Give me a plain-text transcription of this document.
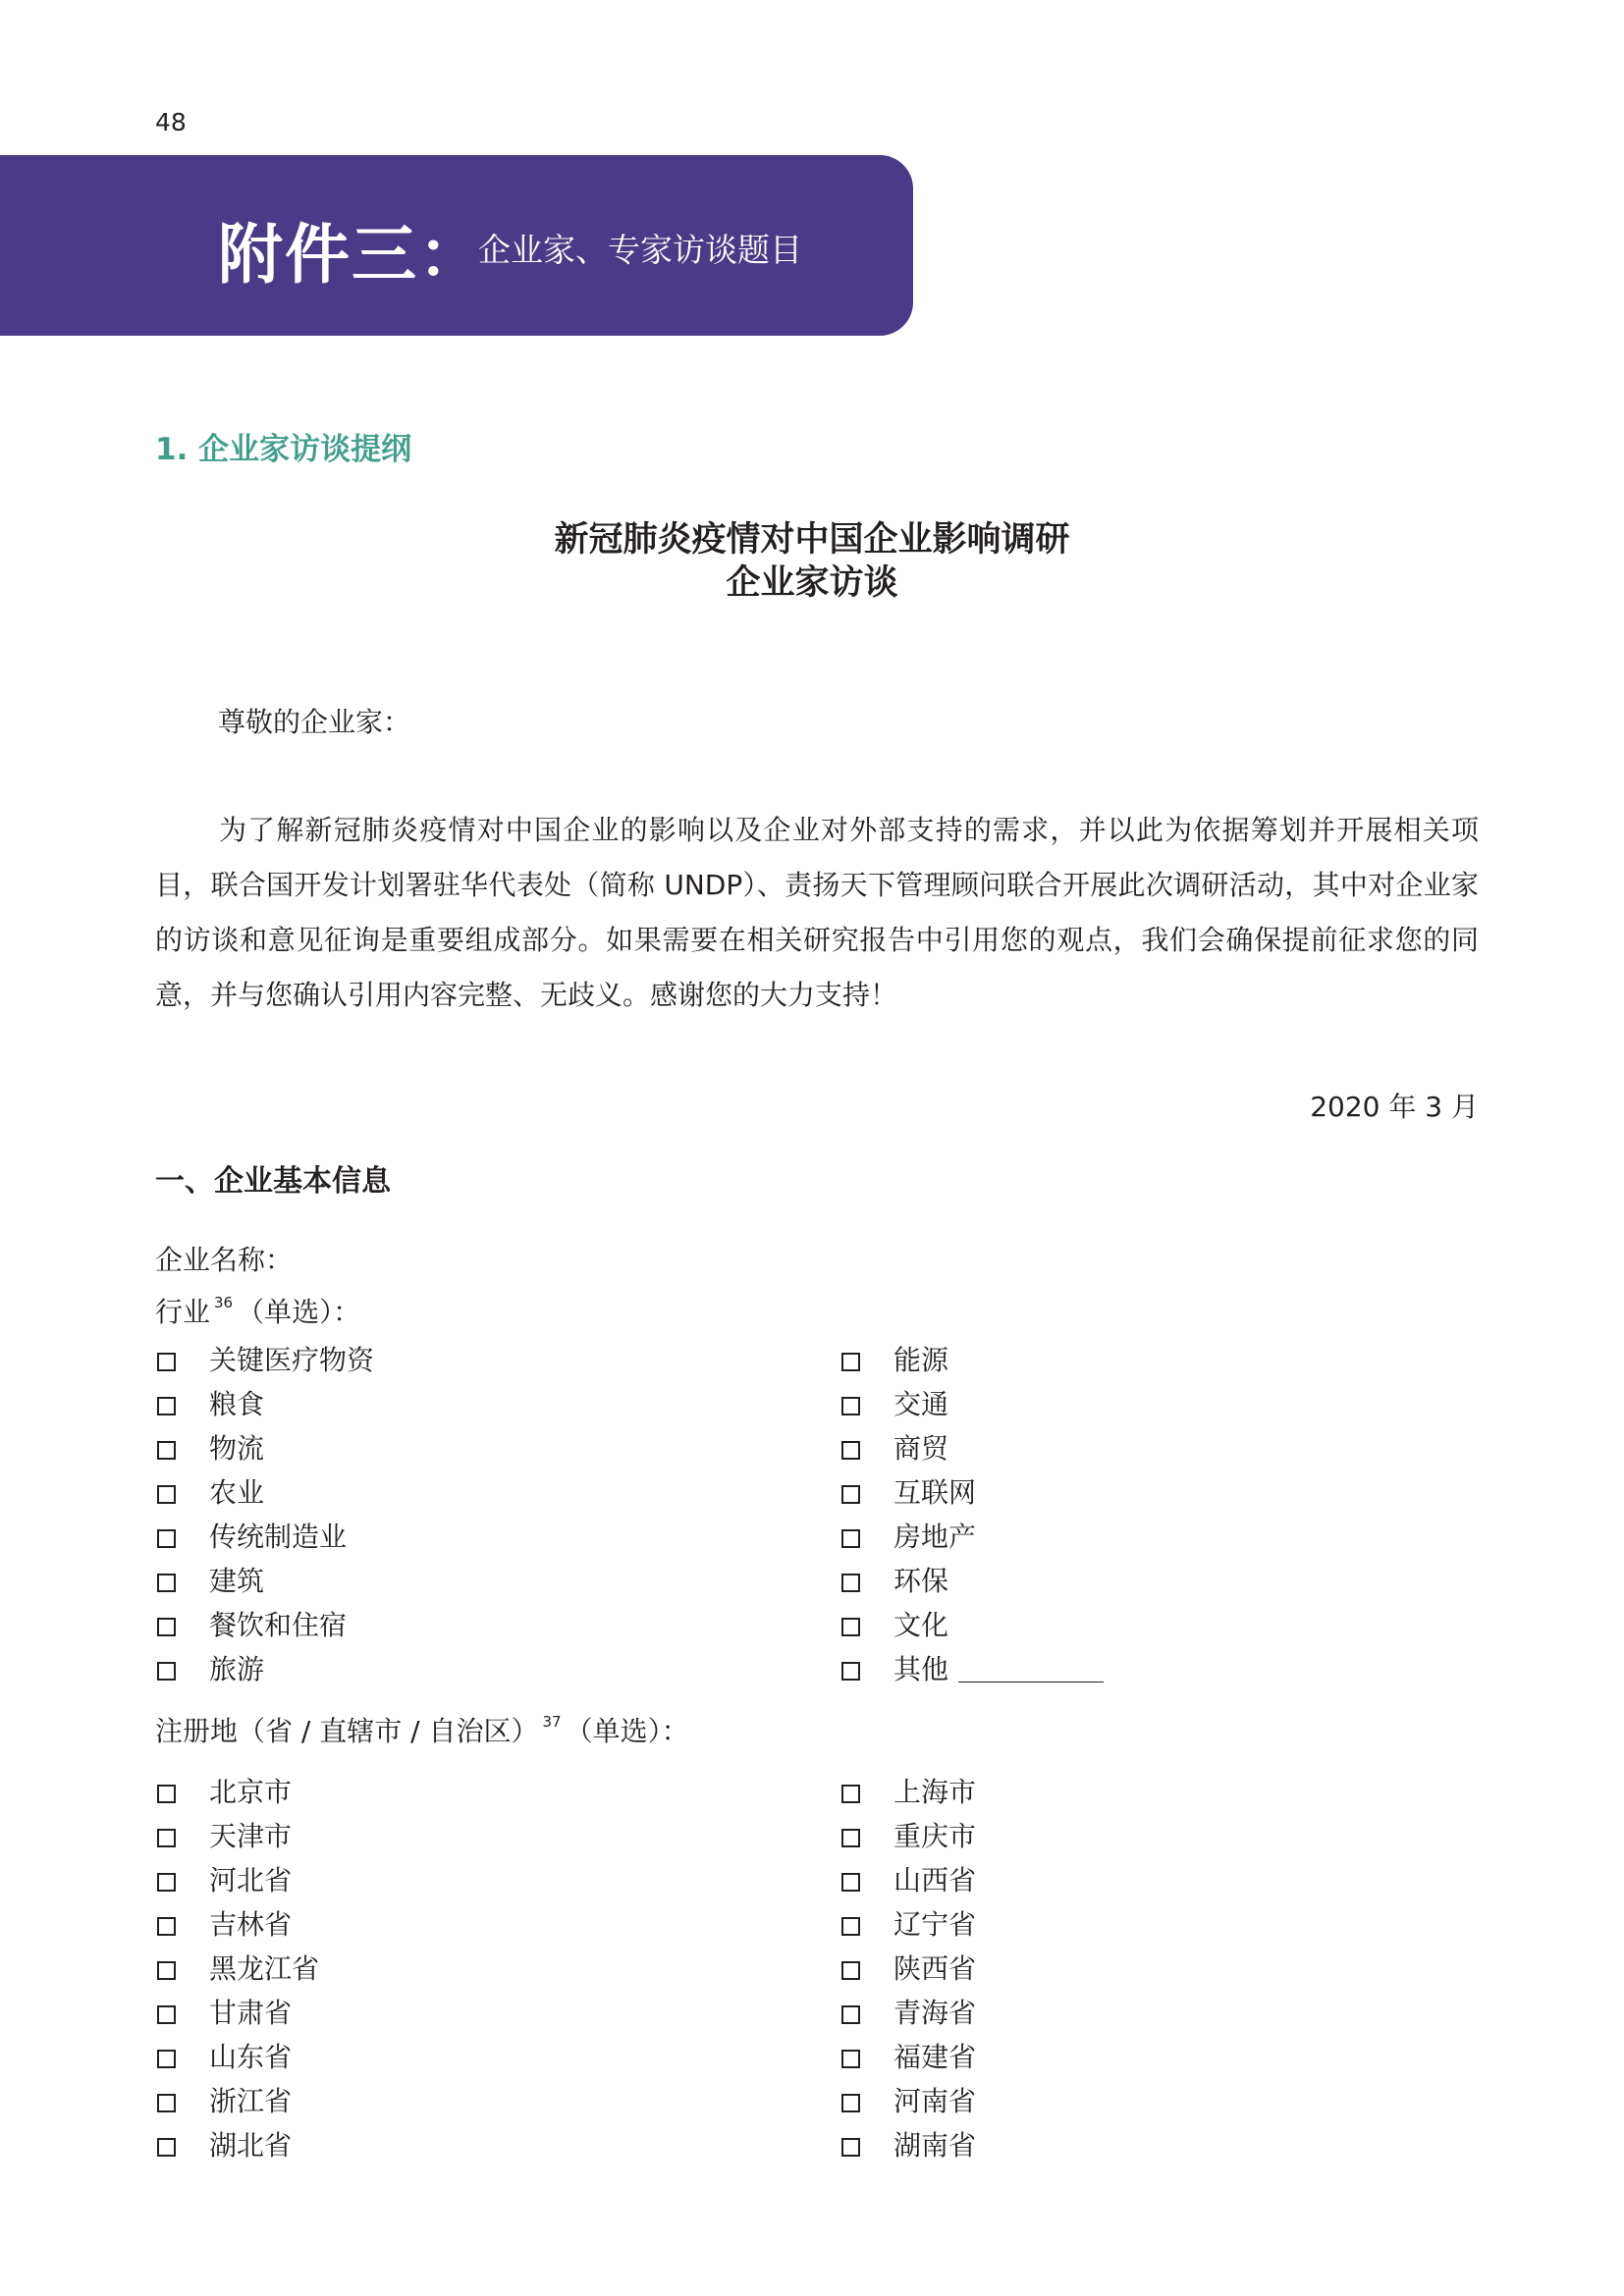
48
附件三：
企业家、专家访谈题目
1. 企业家访谈提纲
新冠肺炎疫情对中国企业影响调研
企业家访谈
尊敬的企业家：
为了解新冠肺炎疫情对中国企业的影响以及企业对外部支持的需求，并以此为依据筹划并开展相关项目，联合国开发计划署驻华代表处（简称 UNDP）、责扬天下管理顾问联合开展此次调研活动，其中对企业家的访谈和意见征询是重要组成部分。如果需要在相关研究报告中引用您的观点，我们会确保提前征求您的同意，并与您确认引用内容完整、无歧义。感谢您的大力支持！
2020 年 3 月
一、企业基本信息
企业名称：
行业 $^{36}$ （单选）：
注册地（省 / 直辖市 / 自治区） $^{37}$ （单选）：
关键医疗物资
粮食
物流
农业
传统制造业
建筑
餐饮和住宿
旅游
能源
交通
商贸
互联网
房地产
环保
文化
其他
北京市
天津市
河北省
吉林省
黑龙江省
甘肃省
山东省
浙江省
湖北省
上海市
重庆市
山西省
辽宁省
陕西省
青海省
福建省
河南省
湖南省
